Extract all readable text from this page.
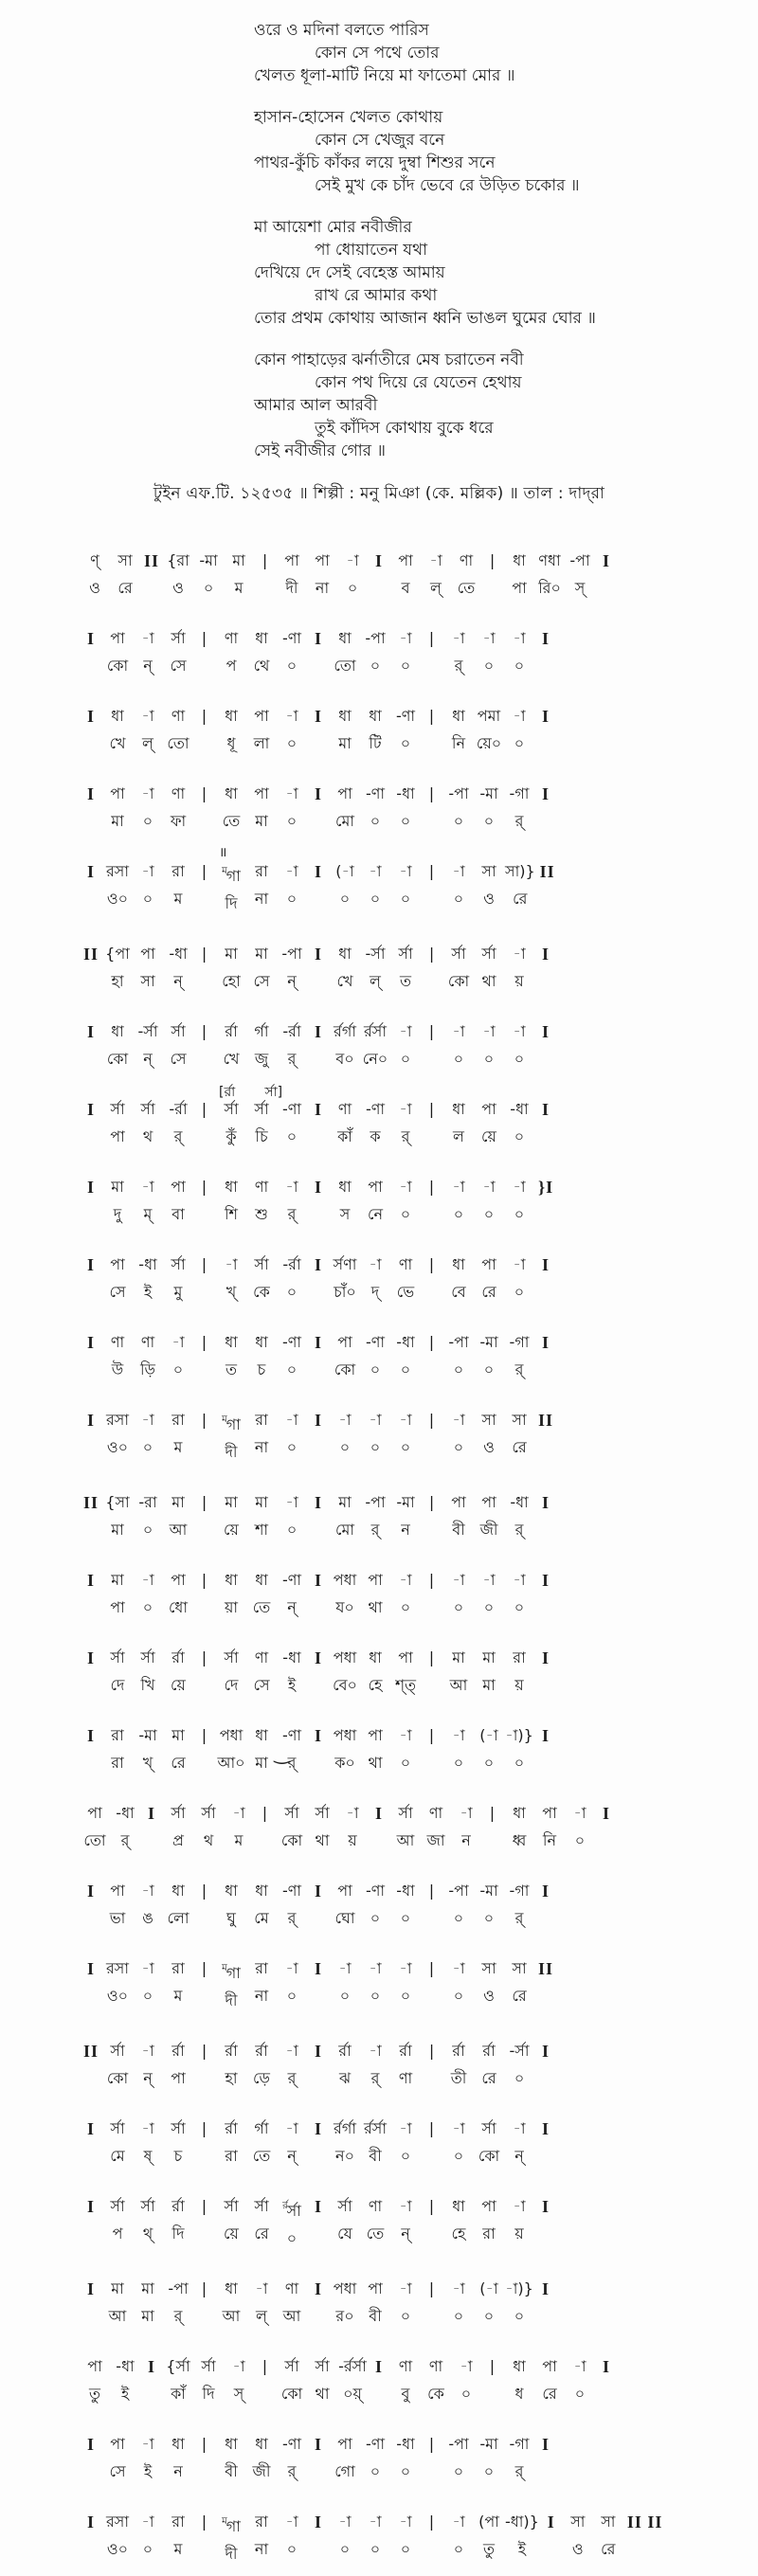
ওরে ও মদিনা বলতে পারিস
কোন সে পথে তোর
খেলত ধূলা-মাটি নিয়ে মা ফাতেমা মোর ॥
হাসান-হোসেন খেলত কোথায়
কোন সে খেজুর বনে
পাথর-কুঁচি কাঁকর লয়ে দুম্বা শিশুর সনে
সেই মুখ কে চাঁদ ভেবে রে উড়িত চকোর ॥
মা আয়েশা মোর নবীজীর
পা ধোয়াতেন যথা
দেখিয়ে দে সেই বেহেস্ত আমায়
রাখ রে আমার কথা
তোর প্রথম কোথায় আজান ধ্বনি ভাঙল ঘুমের ঘোর ॥
কোন পাহাড়ের ঝর্নাতীরে মেষ চরাতেন নবী
কোন পথ দিয়ে রে যেতেন হেথায়
আমার আল আরবী
তুই কাঁদিস কোথায় বুকে ধরে
সেই নবীজীর গোর ॥
টুইন এফ.টি. ১২৫৩৫ ॥ শিল্পী : মনু মিঞা (কে. মল্লিক) ॥ তাল : দাদ্‌রা
ণ্
ও
সা
রে
II {রা
ও
-মা
০
মা
ম
| পা
দী
পা
না
-া
০
I পা
ব
-া
ল্
ণা
তে
| ধা
পা
ণধা
রি০
-পা
স্
I
I পা
কো
-া
ন্
র্সা
সে
| ণা
প
ধা
থে
-ণা
০
I ধা
তো
-পা
০
-া
০
| -া
র্
-া
০
-া
০
I
I ধা
খে
-া
ল্
ণা
তো
| ধা
ধূ
পা
লা
-া
০
I ধা
মা
ধা
টি
-ণা
০
| ধা
নি
পমা
য়ে০
-া
০
I
I পা
মা
-া
০
ণা
ফা
| ধা
তে
পা
মা
-া
০
I পা
মো
-ণা
০
-ধা
০
| -পা
০
-মা
০
-গা
র্
I
I রসা
ও০
-া
০
রা
ম
| $^ম$গা
দি
॥
রা
না
-া
০
I (-া
০
-া
০
-া
০
| -া
০
সা
ও
সা)}
রে
II
II {পা
হা
পা
সা
-ধা
ন্
| মা
হো
মা
সে
-পা
ন্
I ধা
খে
-র্সা
ল্
র্সা
ত
| র্সা
কো
র্সা
থা
-া
য়
I
I ধা
কো
-র্সা
ন্
র্সা
সে
| র্রা
খে
র্গা
জু
-র্রা
র্
I র্রর্গা
ব০
র্রর্সা
নে০
-া
০
| -া
০
-া
০
-া
০
I
I র্সা
পা
র্সা
থ
-র্রা
র্
| র্সা
কুঁ
[র্রা       র্সা]
র্সা
চি
-ণা
০
I ণা
কাঁ
-ণা
ক
-া
র্
| ধা
ল
পা
য়ে
-ধা
০
I
I মা
দু
-া
ম্
পা
বা
| ধা
শি
ণা
শু
-া
র্
I ধা
স
পা
নে
-া
০
| -া
০
-া
০
-া
০
}I
I পা
সে
-ধা
ই
র্সা
মু
| -া
খ্
র্সা
কে
-র্রা
০
I র্সণা
চাঁ০
-া
দ্
ণা
ভে
| ধা
বে
পা
রে
-া
০
I
I ণা
উ
ণা
ড়ি
-া
০
| ধা
ত
ধা
চ
-ণা
০
I পা
কো
-ণা
০
-ধা
০
| -পা
০
-মা
০
-গা
র্
I
I রসা
ও০
-া
০
রা
ম
| $^ম$গা
দী
রা
না
-া
০
I -া
০
-া
০
-া
০
| -া
০
সা
ও
সা
রে
II
II {সা
মা
-রা
০
মা
আ
| মা
য়ে
মা
শা
-া
০
I মা
মো
-পা
র্
-মা
ন
| পা
বী
পা
জী
-ধা
র্
I
I মা
পা
-া
০
পা
ধো
| ধা
য়া
ধা
তে
-ণা
ন্
I পধা
য০
পা
থা
-া
০
| -া
০
-া
০
-া
০
I
I র্সা
দে
র্সা
খি
র্রা
য়ে
| র্সা
দে
ণা
সে
-ধা
ই
I পধা
বে০
ধা
হে
পা
শ্ত্
| মা
আ
মা
মা
রা
য়
I
I রা
রা
-মা
খ্
মা
রে
| পধা
আ০
ধা
মা
‿
-ণা
র্
I পধা
ক০
পা
থা
-া
০
| -া
০
(-া
০
-া)}
০
I
পা
তো
-ধা
র্
I র্সা
প্র
র্সা
থ
-া
ম
| র্সা
কো
র্সা
থা
-া
য়
I র্সা
আ
ণা
জা
-া
ন
| ধা
ধ্ব
পা
নি
-া
০
I
I পা
ভা
-া
ঙ
ধা
লো
| ধা
ঘু
ধা
মে
-ণা
র্
I পা
ঘো
-ণা
০
-ধা
০
| -পা
০
-মা
০
-গা
র্
I
I রসা
ও০
-া
০
রা
ম
| $^ম$গা
দী
রা
না
-া
০
I -া
০
-া
০
-া
০
| -া
০
সা
ও
সা
রে
II
II র্সা
কো
-া
ন্
র্রা
পা
| র্রা
হা
র্রা
ড়ে
-া
র্
I র্রা
ঝ
-া
র্
র্রা
ণা
| র্রা
তী
র্রা
রে
-র্সা
০
I
I র্সা
মে
-া
ষ্
র্সা
চ
| র্রা
রা
র্গা
তে
-া
ন্
I র্রর্গা
ন০
র্রর্সা
বী
-া
০
| -া
০
র্সা
কো
-া
ন্
I
I র্সা
প
র্সা
থ্
র্রা
দি
| র্সা
য়ে
র্সা
রে
$^{র্র}$র্সা
০
I র্সা
যে
ণা
তে
-া
ন্
| ধা
হে
পা
রা
-া
য়
I
I মা
আ
মা
মা
-পা
র্
| ধা
আ
-া
ল্
ণা
আ
I পধা
র০
পা
বী
-া
০
| -া
০
(-া
০
-া)}
০
I
পা
তু
-ধা
ই
I {র্সা
কাঁ
র্সা
দি
-া
স্
| র্সা
কো
র্সা
থা
-র্রর্সা
০য়্
I ণা
বু
ণা
কে
-া
০
| ধা
ধ
পা
রে
-া
০
I
I পা
সে
-া
ই
ধা
ন
| ধা
বী
ধা
জী
-ণা
র্
I পা
গো
-ণা
০
-ধা
০
| -পা
০
-মা
০
-গা
র্
I
I রসা
ও০
-া
০
রা
ম
| $^ম$গা
দী
রা
না
-া
০
I -া
০
-া
০
-া
০
| -া
০
(পা
তু
-ধা)}
ই
I সা
ও
সা
রে
II II
